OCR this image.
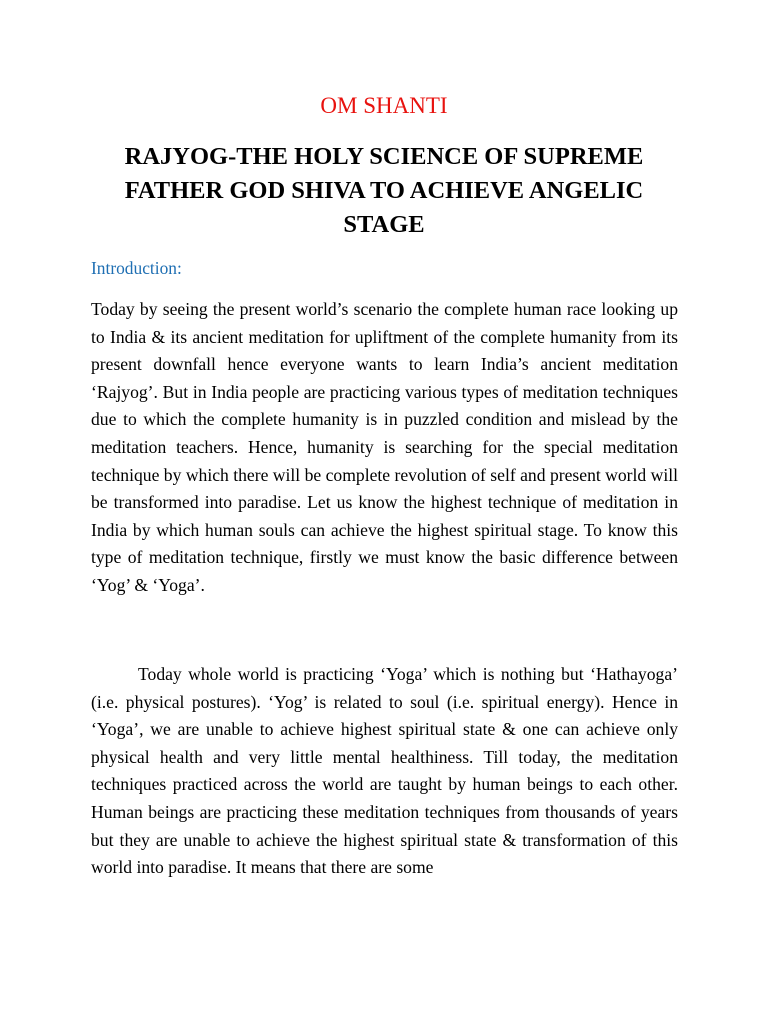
OM SHANTI
RAJYOG-THE HOLY SCIENCE OF SUPREME FATHER GOD SHIVA TO ACHIEVE ANGELIC STAGE

Introduction:

Today by seeing the present world’s scenario the complete human race looking up to India & its ancient meditation for upliftment of the complete humanity from its present downfall hence everyone wants to learn India’s ancient meditation ‘Rajyog’. But in India people are practicing various types of meditation techniques due to which the complete humanity is in puzzled condition and mislead by the meditation teachers. Hence, humanity is searching for the special meditation technique by which there will be complete revolution of self and present world will be transformed into paradise. Let us know the highest technique of meditation in India by which human souls can achieve the highest spiritual stage. To know this type of meditation technique, firstly we must know the basic difference between ‘Yog’ & ‘Yoga’.

Today whole world is practicing ‘Yoga’ which is nothing but ‘Hathayoga’ (i.e. physical postures). ‘Yog’ is related to soul (i.e. spiritual energy). Hence in ‘Yoga’, we are unable to achieve highest spiritual state & one can achieve only physical health and very little mental healthiness. Till today, the meditation techniques practiced across the world are taught by human beings to each other. Human beings are practicing these meditation techniques from thousands of years but they are unable to achieve the highest spiritual state & transformation of this world into paradise. It means that there are some
